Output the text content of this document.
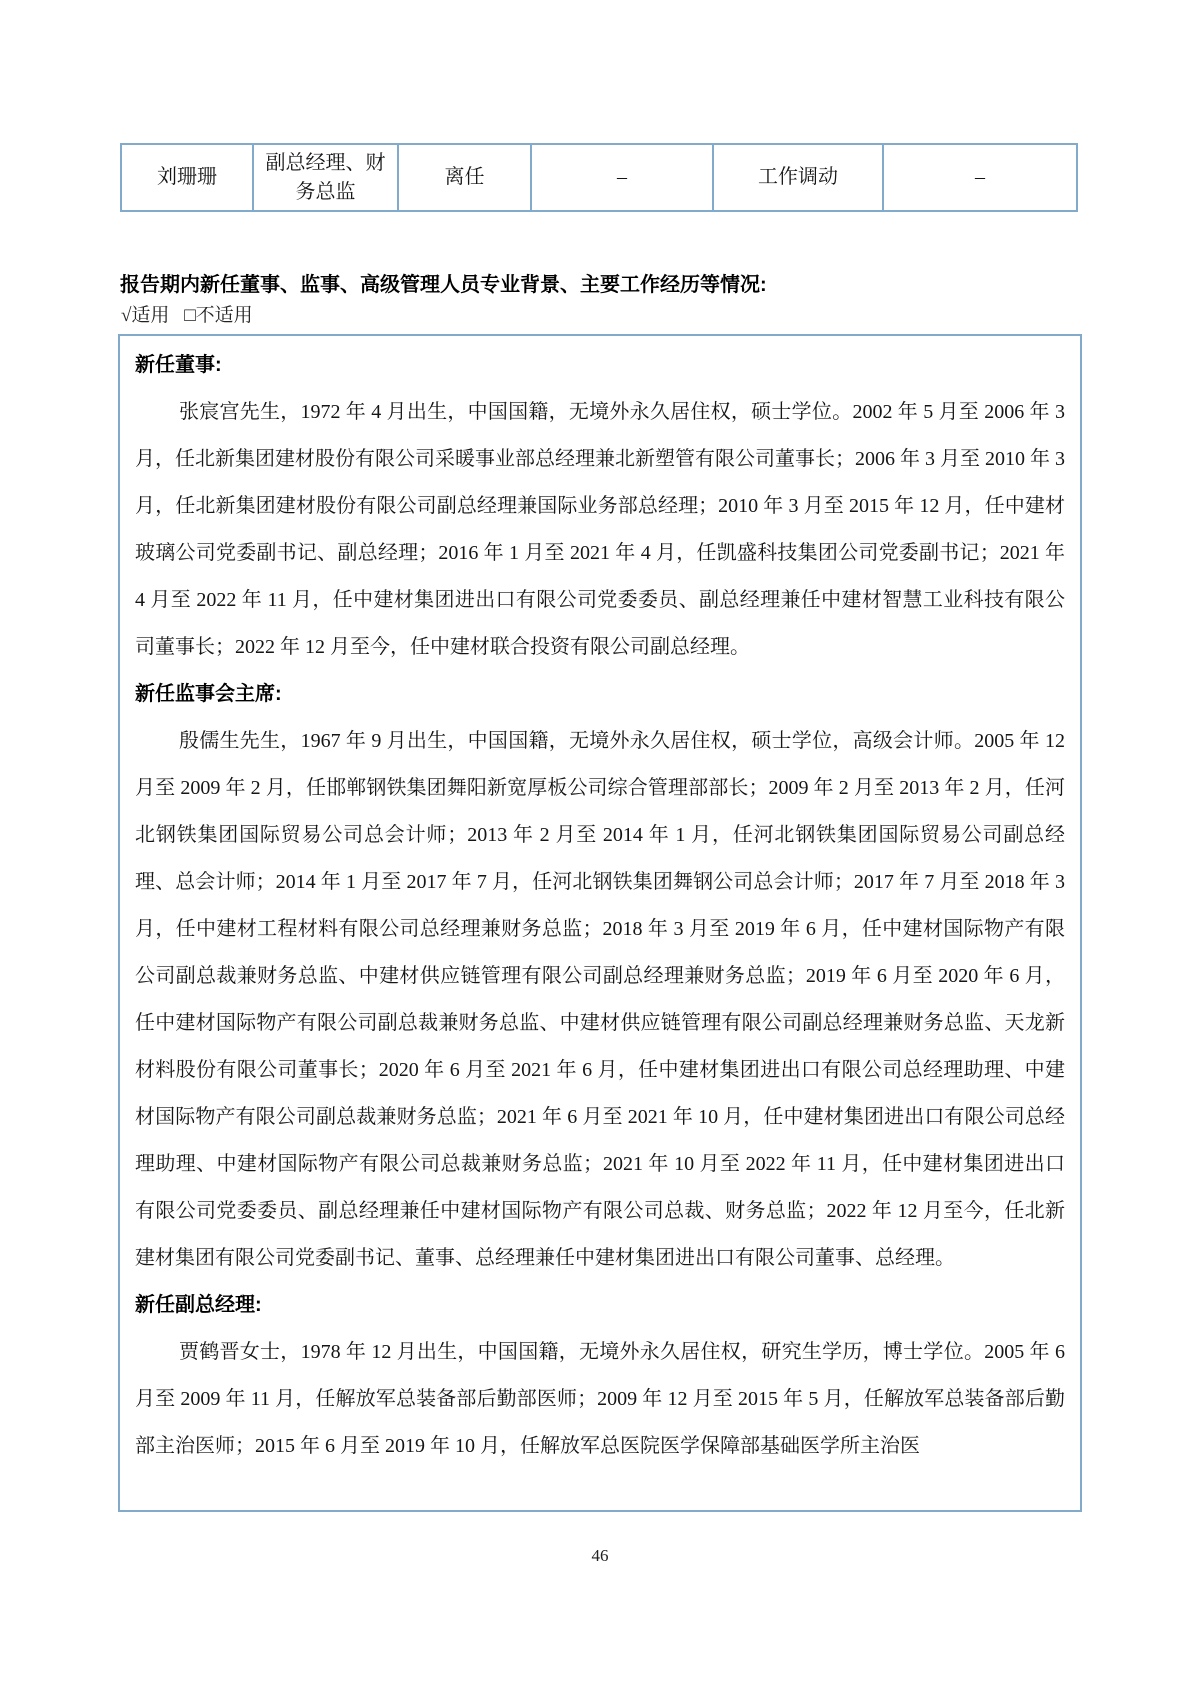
刘珊珊	副总经理、财务总监	离任	–	工作调动	–
报告期内新任董事、监事、高级管理人员专业背景、主要工作经历等情况:
√适用 □不适用
新任董事:

张宸宫先生，1972 年 4 月出生，中国国籍，无境外永久居住权，硕士学位。2002 年 5 月至 2006 年 3 月，任北新集团建材股份有限公司采暖事业部总经理兼北新塑管有限公司董事长；2006 年 3 月至 2010 年 3 月，任北新集团建材股份有限公司副总经理兼国际业务部总经理；2010 年 3 月至 2015 年 12 月，任中建材玻璃公司党委副书记、副总经理；2016 年 1 月至 2021 年 4 月，任凯盛科技集团公司党委副书记；2021 年 4 月至 2022 年 11 月，任中建材集团进出口有限公司党委委员、副总经理兼任中建材智慧工业科技有限公司董事长；2022 年 12 月至今，任中建材联合投资有限公司副总经理。

新任监事会主席:

殷儒生先生，1967 年 9 月出生，中国国籍，无境外永久居住权，硕士学位，高级会计师。2005 年 12 月至 2009 年 2 月，任邯郸钢铁集团舞阳新宽厚板公司综合管理部部长；2009 年 2 月至 2013 年 2 月，任河北钢铁集团国际贸易公司总会计师；2013 年 2 月至 2014 年 1 月，任河北钢铁集团国际贸易公司副总经理、总会计师；2014 年 1 月至 2017 年 7 月，任河北钢铁集团舞钢公司总会计师；2017 年 7 月至 2018 年 3 月，任中建材工程材料有限公司总经理兼财务总监；2018 年 3 月至 2019 年 6 月，任中建材国际物产有限公司副总裁兼财务总监、中建材供应链管理有限公司副总经理兼财务总监；2019 年 6 月至 2020 年 6 月，任中建材国际物产有限公司副总裁兼财务总监、中建材供应链管理有限公司副总经理兼财务总监、天龙新材料股份有限公司董事长；2020 年 6 月至 2021 年 6 月，任中建材集团进出口有限公司总经理助理、中建材国际物产有限公司副总裁兼财务总监；2021 年 6 月至 2021 年 10 月，任中建材集团进出口有限公司总经理助理、中建材国际物产有限公司总裁兼财务总监；2021 年 10 月至 2022 年 11 月，任中建材集团进出口有限公司党委委员、副总经理兼任中建材国际物产有限公司总裁、财务总监；2022 年 12 月至今，任北新建材集团有限公司党委副书记、董事、总经理兼任中建材集团进出口有限公司董事、总经理。

新任副总经理:

贾鹤晋女士，1978 年 12 月出生，中国国籍，无境外永久居住权，研究生学历，博士学位。2005 年 6 月至 2009 年 11 月，任解放军总装备部后勤部医师；2009 年 12 月至 2015 年 5 月，任解放军总装备部后勤部主治医师；2015 年 6 月至 2019 年 10 月，任解放军总医院医学保障部基础医学所主治医

46
